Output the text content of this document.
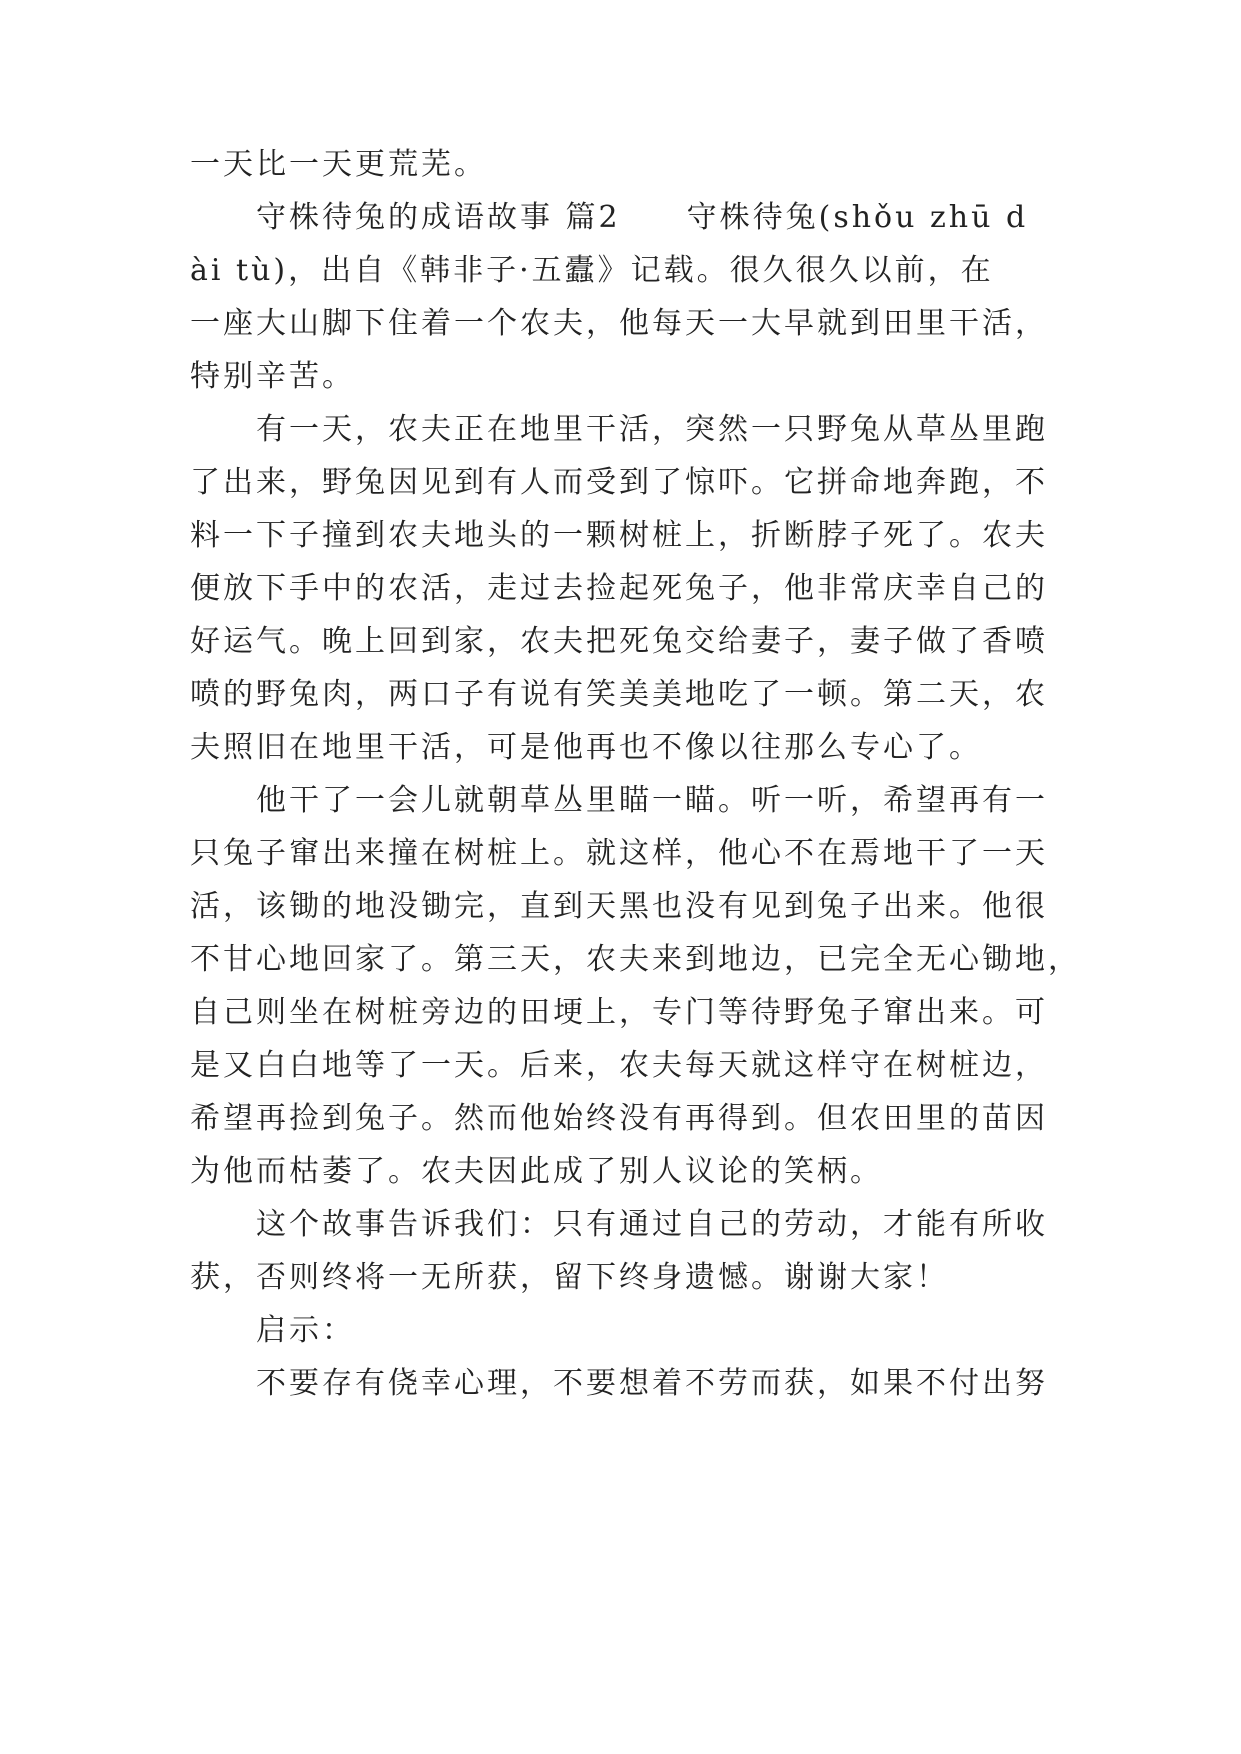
一天比一天更荒芜。
守株待兔的成语故事 篇2　　守株待兔(shǒu zhū d
ài tù)，出自《韩非子·五蠹》记载。很久很久以前，在
一座大山脚下住着一个农夫，他每天一大早就到田里干活，
特别辛苦。
有一天，农夫正在地里干活，突然一只野兔从草丛里跑
了出来，野兔因见到有人而受到了惊吓。它拼命地奔跑，不
料一下子撞到农夫地头的一颗树桩上，折断脖子死了。农夫
便放下手中的农活，走过去捡起死兔子，他非常庆幸自己的
好运气。晚上回到家，农夫把死兔交给妻子，妻子做了香喷
喷的野兔肉，两口子有说有笑美美地吃了一顿。第二天，农
夫照旧在地里干活，可是他再也不像以往那么专心了。
他干了一会儿就朝草丛里瞄一瞄。听一听，希望再有一
只兔子窜出来撞在树桩上。就这样，他心不在焉地干了一天
活，该锄的地没锄完，直到天黑也没有见到兔子出来。他很
不甘心地回家了。第三天，农夫来到地边，已完全无心锄地，
自己则坐在树桩旁边的田埂上，专门等待野兔子窜出来。可
是又白白地等了一天。后来，农夫每天就这样守在树桩边，
希望再捡到兔子。然而他始终没有再得到。但农田里的苗因
为他而枯萎了。农夫因此成了别人议论的笑柄。
这个故事告诉我们：只有通过自己的劳动，才能有所收
获，否则终将一无所获，留下终身遗憾。谢谢大家！
启示：
不要存有侥幸心理，不要想着不劳而获，如果不付出努
